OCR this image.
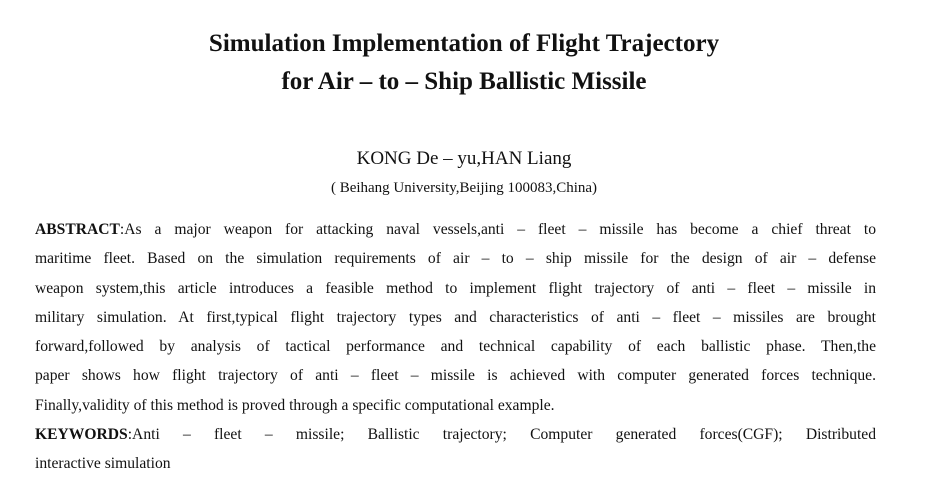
Simulation Implementation of Flight Trajectory
for Air – to – Ship Ballistic Missile

KONG De – yu,HAN Liang

( Beihang University,Beijing 100083,China)

ABSTRACT:As a major weapon for attacking naval vessels,anti – fleet – missile has become a chief threat to
maritime fleet. Based on the simulation requirements of air – to – ship missile for the design of air – defense
weapon system,this article introduces a feasible method to implement flight trajectory of anti – fleet – missile in
military simulation. At first,typical flight trajectory types and characteristics of anti – fleet – missiles are brought
forward,followed by analysis of tactical performance and technical capability of each ballistic phase. Then,the
paper shows how flight trajectory of anti – fleet – missile is achieved with computer generated forces technique.
Finally,validity of this method is proved through a specific computational example.
KEYWORDS:Anti – fleet – missile; Ballistic trajectory; Computer generated forces(CGF); Distributed
interactive simulation
